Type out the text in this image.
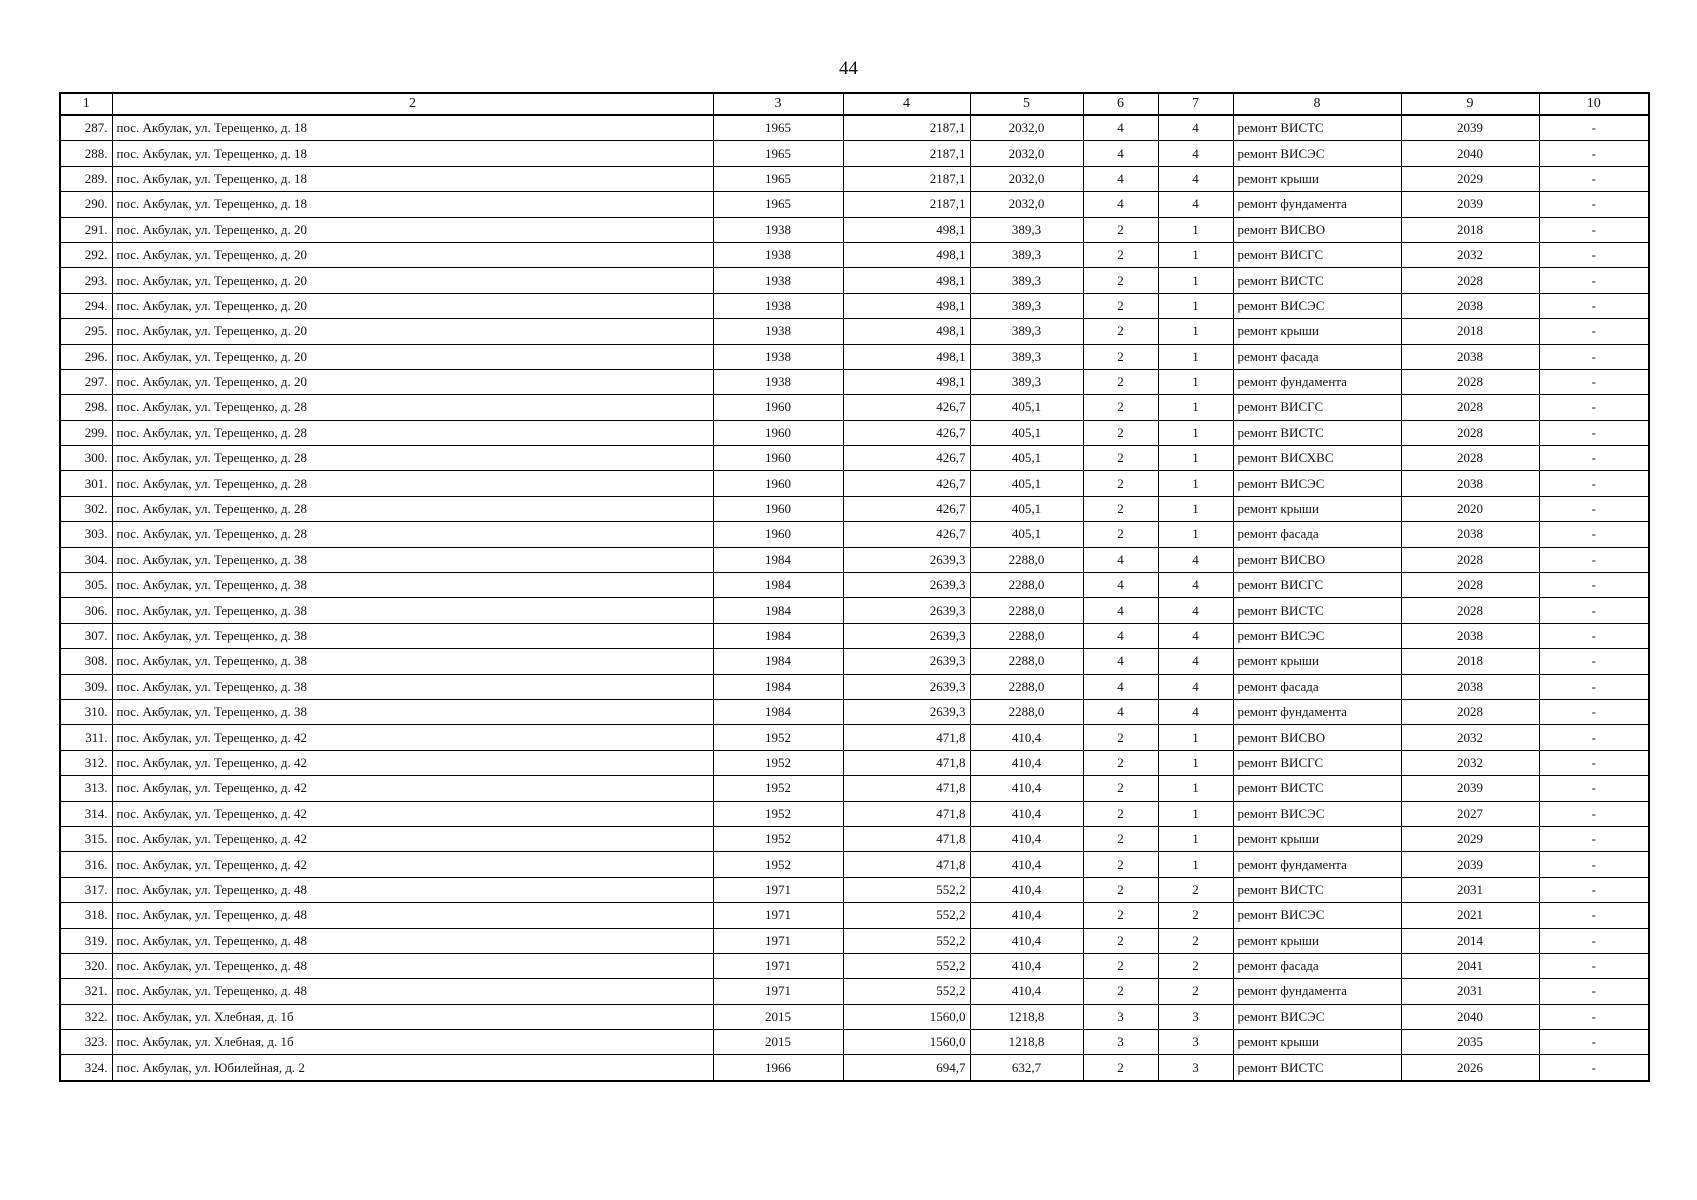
44
1	2	3	4	5	6	7	8	9	10
287.	пос. Акбулак, ул. Терещенко, д. 18	1965	2187,1	2032,0	4	4	ремонт ВИСТС	2039	-
288.	пос. Акбулак, ул. Терещенко, д. 18	1965	2187,1	2032,0	4	4	ремонт ВИСЭС	2040	-
289.	пос. Акбулак, ул. Терещенко, д. 18	1965	2187,1	2032,0	4	4	ремонт крыши	2029	-
290.	пос. Акбулак, ул. Терещенко, д. 18	1965	2187,1	2032,0	4	4	ремонт фундамента	2039	-
291.	пос. Акбулак, ул. Терещенко, д. 20	1938	498,1	389,3	2	1	ремонт ВИСВО	2018	-
292.	пос. Акбулак, ул. Терещенко, д. 20	1938	498,1	389,3	2	1	ремонт ВИСГС	2032	-
293.	пос. Акбулак, ул. Терещенко, д. 20	1938	498,1	389,3	2	1	ремонт ВИСТС	2028	-
294.	пос. Акбулак, ул. Терещенко, д. 20	1938	498,1	389,3	2	1	ремонт ВИСЭС	2038	-
295.	пос. Акбулак, ул. Терещенко, д. 20	1938	498,1	389,3	2	1	ремонт крыши	2018	-
296.	пос. Акбулак, ул. Терещенко, д. 20	1938	498,1	389,3	2	1	ремонт фасада	2038	-
297.	пос. Акбулак, ул. Терещенко, д. 20	1938	498,1	389,3	2	1	ремонт фундамента	2028	-
298.	пос. Акбулак, ул. Терещенко, д. 28	1960	426,7	405,1	2	1	ремонт ВИСГС	2028	-
299.	пос. Акбулак, ул. Терещенко, д. 28	1960	426,7	405,1	2	1	ремонт ВИСТС	2028	-
300.	пос. Акбулак, ул. Терещенко, д. 28	1960	426,7	405,1	2	1	ремонт ВИСХВС	2028	-
301.	пос. Акбулак, ул. Терещенко, д. 28	1960	426,7	405,1	2	1	ремонт ВИСЭС	2038	-
302.	пос. Акбулак, ул. Терещенко, д. 28	1960	426,7	405,1	2	1	ремонт крыши	2020	-
303.	пос. Акбулак, ул. Терещенко, д. 28	1960	426,7	405,1	2	1	ремонт фасада	2038	-
304.	пос. Акбулак, ул. Терещенко, д. 38	1984	2639,3	2288,0	4	4	ремонт ВИСВО	2028	-
305.	пос. Акбулак, ул. Терещенко, д. 38	1984	2639,3	2288,0	4	4	ремонт ВИСГС	2028	-
306.	пос. Акбулак, ул. Терещенко, д. 38	1984	2639,3	2288,0	4	4	ремонт ВИСТС	2028	-
307.	пос. Акбулак, ул. Терещенко, д. 38	1984	2639,3	2288,0	4	4	ремонт ВИСЭС	2038	-
308.	пос. Акбулак, ул. Терещенко, д. 38	1984	2639,3	2288,0	4	4	ремонт крыши	2018	-
309.	пос. Акбулак, ул. Терещенко, д. 38	1984	2639,3	2288,0	4	4	ремонт фасада	2038	-
310.	пос. Акбулак, ул. Терещенко, д. 38	1984	2639,3	2288,0	4	4	ремонт фундамента	2028	-
311.	пос. Акбулак, ул. Терещенко, д. 42	1952	471,8	410,4	2	1	ремонт ВИСВО	2032	-
312.	пос. Акбулак, ул. Терещенко, д. 42	1952	471,8	410,4	2	1	ремонт ВИСГС	2032	-
313.	пос. Акбулак, ул. Терещенко, д. 42	1952	471,8	410,4	2	1	ремонт ВИСТС	2039	-
314.	пос. Акбулак, ул. Терещенко, д. 42	1952	471,8	410,4	2	1	ремонт ВИСЭС	2027	-
315.	пос. Акбулак, ул. Терещенко, д. 42	1952	471,8	410,4	2	1	ремонт крыши	2029	-
316.	пос. Акбулак, ул. Терещенко, д. 42	1952	471,8	410,4	2	1	ремонт фундамента	2039	-
317.	пос. Акбулак, ул. Терещенко, д. 48	1971	552,2	410,4	2	2	ремонт ВИСТС	2031	-
318.	пос. Акбулак, ул. Терещенко, д. 48	1971	552,2	410,4	2	2	ремонт ВИСЭС	2021	-
319.	пос. Акбулак, ул. Терещенко, д. 48	1971	552,2	410,4	2	2	ремонт крыши	2014	-
320.	пос. Акбулак, ул. Терещенко, д. 48	1971	552,2	410,4	2	2	ремонт фасада	2041	-
321.	пос. Акбулак, ул. Терещенко, д. 48	1971	552,2	410,4	2	2	ремонт фундамента	2031	-
322.	пос. Акбулак, ул. Хлебная, д. 1б	2015	1560,0	1218,8	3	3	ремонт ВИСЭС	2040	-
323.	пос. Акбулак, ул. Хлебная, д. 1б	2015	1560,0	1218,8	3	3	ремонт крыши	2035	-
324.	пос. Акбулак, ул. Юбилейная, д. 2	1966	694,7	632,7	2	3	ремонт ВИСТС	2026	-
